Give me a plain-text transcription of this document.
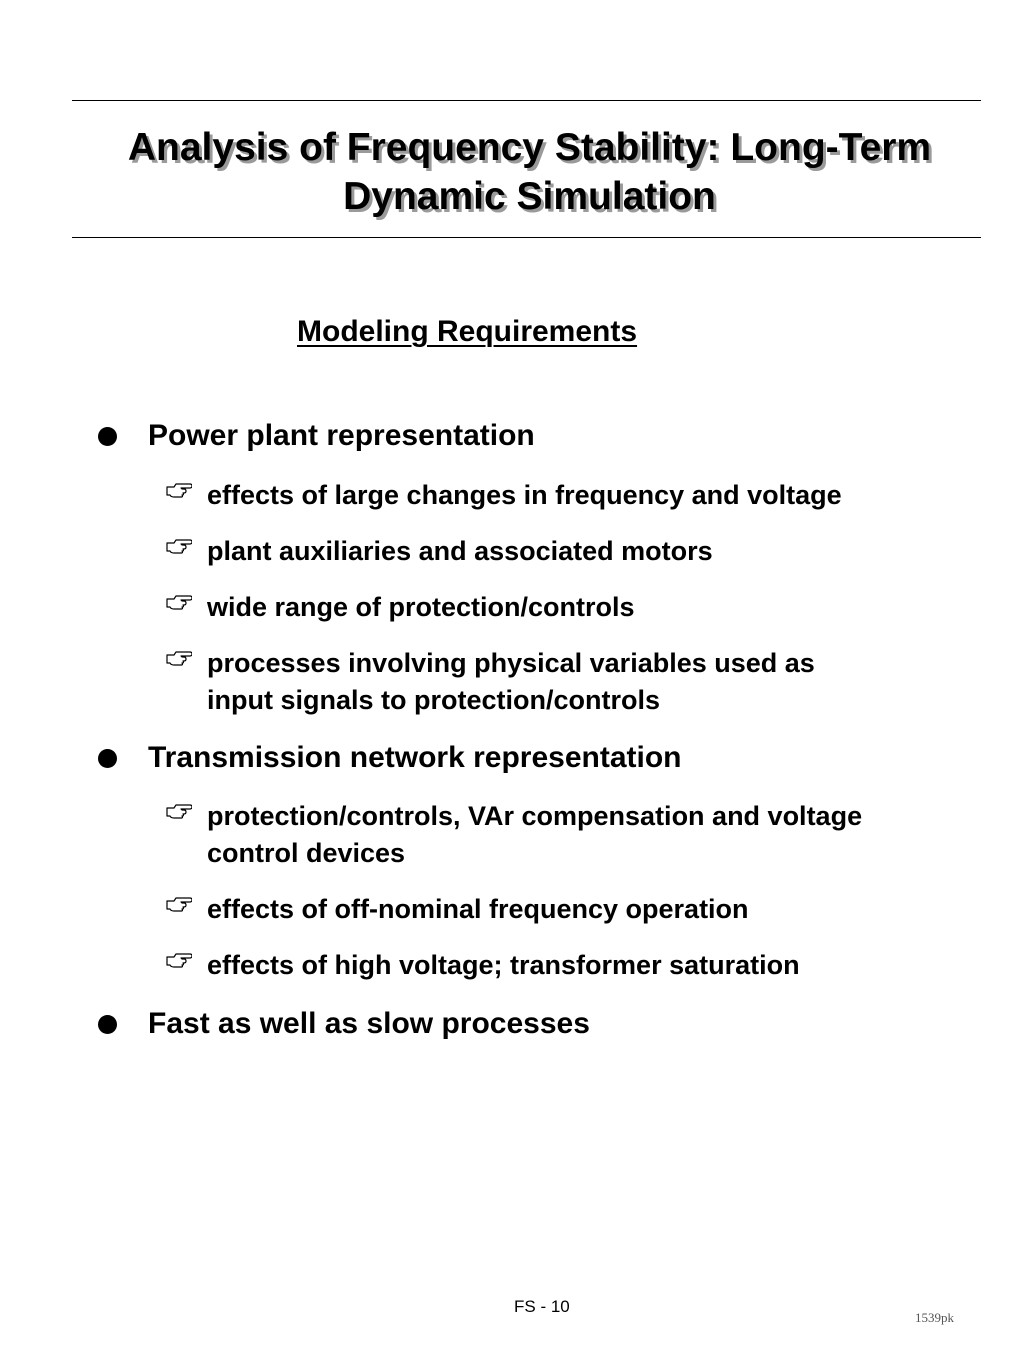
Analysis of Frequency Stability: Long-Term
Dynamic Simulation
Modeling Requirements
Power plant representation
effects of large changes in frequency and voltage
plant auxiliaries and associated motors
wide range of protection/controls
processes involving physical variables used as
input signals to protection/controls
Transmission network representation
protection/controls, VAr compensation and voltage
control devices
effects of off-nominal frequency operation
effects of high voltage; transformer saturation
Fast as well as slow processes
FS - 10
1539pk
